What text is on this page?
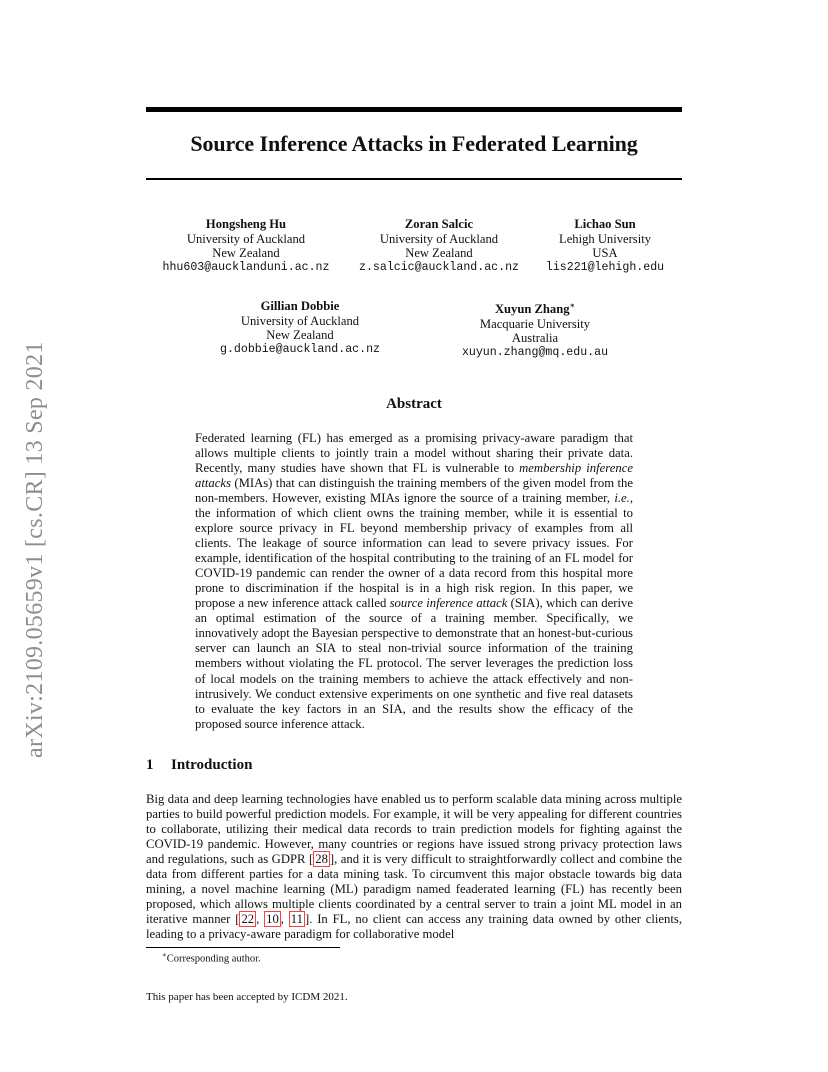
arXiv:2109.05659v1 [cs.CR] 13 Sep 2021
Source Inference Attacks in Federated Learning
Hongsheng Hu
University of Auckland
New Zealand
hhu603@aucklanduni.ac.nz
Zoran Salcic
University of Auckland
New Zealand
z.salcic@auckland.ac.nz
Lichao Sun
Lehigh University
USA
lis221@lehigh.edu
Gillian Dobbie
University of Auckland
New Zealand
g.dobbie@auckland.ac.nz
Xuyun Zhang∗
Macquarie University
Australia
xuyun.zhang@mq.edu.au
Abstract

Federated learning (FL) has emerged as a promising privacy-aware paradigm that allows multiple clients to jointly train a model without sharing their private data. Recently, many studies have shown that FL is vulnerable to membership inference attacks (MIAs) that can distinguish the training members of the given model from the non-members. However, existing MIAs ignore the source of a training member, i.e., the information of which client owns the training member, while it is essential to explore source privacy in FL beyond membership privacy of examples from all clients. The leakage of source information can lead to severe privacy issues. For example, identification of the hospital contributing to the training of an FL model for COVID-19 pandemic can render the owner of a data record from this hospital more prone to discrimination if the hospital is in a high risk region. In this paper, we propose a new inference attack called source inference attack (SIA), which can derive an optimal estimation of the source of a training member. Specifically, we innovatively adopt the Bayesian perspective to demonstrate that an honest-but-curious server can launch an SIA to steal non-trivial source information of the training members without violating the FL protocol. The server leverages the prediction loss of local models on the training members to achieve the attack effectively and non-intrusively. We conduct extensive experiments on one synthetic and five real datasets to evaluate the key factors in an SIA, and the results show the efficacy of the proposed source inference attack.

1 Introduction

Big data and deep learning technologies have enabled us to perform scalable data mining across multiple parties to build powerful prediction models. For example, it will be very appealing for different countries to collaborate, utilizing their medical data records to train prediction models for fighting against the COVID-19 pandemic. However, many countries or regions have issued strong privacy protection laws and regulations, such as GDPR [ 28 ], and it is very difficult to straightforwardly collect and combine the data from different parties for a data mining task. To circumvent this major obstacle towards big data mining, a novel machine learning (ML) paradigm named feaderated learning (FL) has recently been proposed, which allows multiple clients coordinated by a central server to train a joint ML model in an iterative manner [ 22 , 10 , 11 ]. In FL, no client can access any training data owned by other clients, leading to a privacy-aware paradigm for collaborative model

∗Corresponding author.

This paper has been accepted by ICDM 2021.
